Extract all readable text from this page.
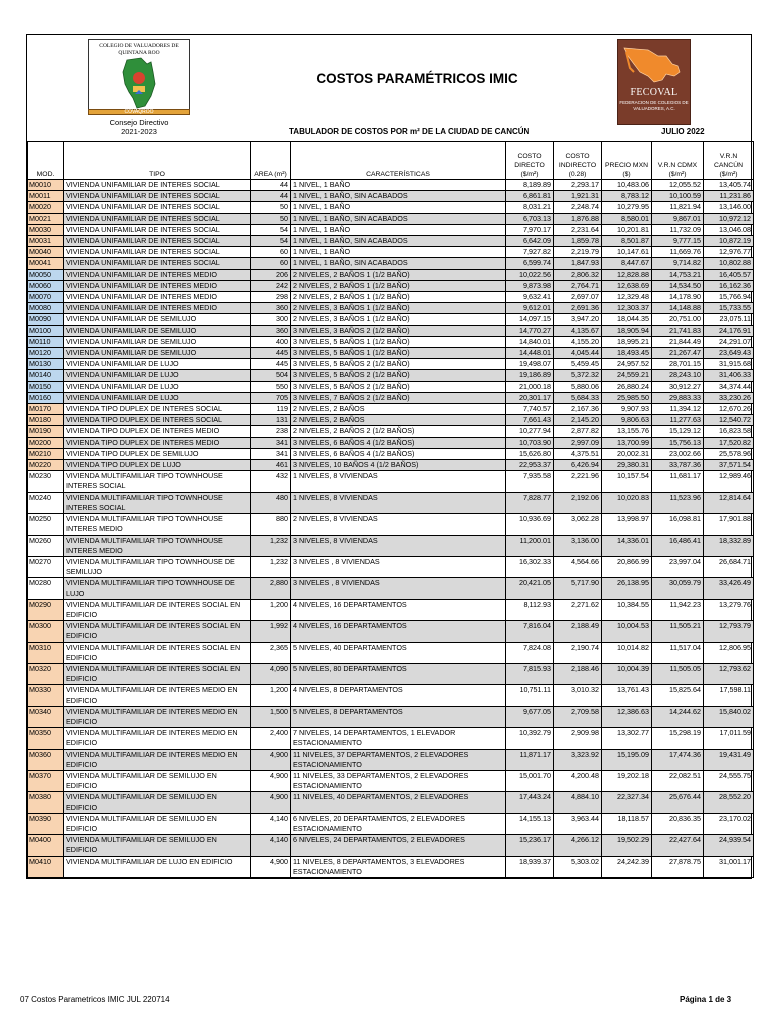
COLEGIO DE VALUADORES DE QUINTANA ROO
COVAQROO
Consejo Directivo
2021-2023
COSTOS PARAMÉTRICOS IMIC
FECOVAL
FEDERACION DE COLEGIOS DE VALUADORES, A.C.
TABULADOR DE COSTOS POR m² DE LA CIUDAD DE CANCÚN	JULIO 2022
MOD.	TIPO	AREA (m²)	CARACTERÍSTICAS	COSTO DIRECTO ($/m²)	COSTO INDIRECTO (0.28)	PRECIO MXN ($)	V.R.N CDMX ($/m²)	V.R.N CANCÚN ($/m²)
M0010	VIVIENDA UNIFAMILIAR DE INTERES SOCIAL	44	1 NIVEL, 1 BAÑO	8,189.89	2,293.17	10,483.06	12,055.52	13,405.74
M0011	VIVIENDA UNIFAMILIAR DE INTERES SOCIAL	44	1 NIVEL, 1 BAÑO, SIN ACABADOS	6,861.81	1,921.31	8,783.12	10,100.59	11,231.86
M0020	VIVIENDA UNIFAMILIAR DE INTERES SOCIAL	50	1 NIVEL, 1 BAÑO	8,031.21	2,248.74	10,279.95	11,821.94	13,146.00
M0021	VIVIENDA UNIFAMILIAR DE INTERES SOCIAL	50	1 NIVEL, 1 BAÑO, SIN ACABADOS	6,703.13	1,876.88	8,580.01	9,867.01	10,972.12
M0030	VIVIENDA UNIFAMILIAR DE INTERES SOCIAL	54	1 NIVEL, 1 BAÑO	7,970.17	2,231.64	10,201.81	11,732.09	13,046.08
M0031	VIVIENDA UNIFAMILIAR DE INTERES SOCIAL	54	1 NIVEL, 1 BAÑO, SIN ACABADOS	6,642.09	1,859.78	8,501.87	9,777.15	10,872.19
M0040	VIVIENDA UNIFAMILIAR DE INTERES SOCIAL	60	1 NIVEL, 1 BAÑO	7,927.82	2,219.79	10,147.61	11,669.76	12,976.77
M0041	VIVIENDA UNIFAMILIAR DE INTERES SOCIAL	60	1 NIVEL, 1 BAÑO, SIN ACABADOS	6,599.74	1,847.93	8,447.67	9,714.82	10,802.88
M0050	VIVIENDA UNIFAMILIAR DE INTERES MEDIO	206	2 NIVELES, 2 BAÑOS 1 (1/2 BAÑO)	10,022.56	2,806.32	12,828.88	14,753.21	16,405.57
M0060	VIVIENDA UNIFAMILIAR DE INTERES MEDIO	242	2 NIVELES, 2 BAÑOS 1 (1/2 BAÑO)	9,873.98	2,764.71	12,638.69	14,534.50	16,162.36
M0070	VIVIENDA UNIFAMILIAR DE INTERES MEDIO	298	2 NIVELES, 2 BAÑOS 1 (1/2 BAÑO)	9,632.41	2,697.07	12,329.48	14,178.90	15,766.94
M0080	VIVIENDA UNIFAMILIAR DE INTERES MEDIO	360	2 NIVELES, 3 BAÑOS 1 (1/2 BAÑO)	9,612.01	2,691.36	12,303.37	14,148.88	15,733.55
M0090	VIVIENDA UNIFAMILIAR DE SEMILUJO	300	2 NIVELES, 3 BAÑOS 1 (1/2 BAÑO)	14,097.15	3,947.20	18,044.35	20,751.00	23,075.11
M0100	VIVIENDA UNIFAMILIAR DE SEMILUJO	360	3 NIVELES, 3 BAÑOS 2 (1/2 BAÑO)	14,770.27	4,135.67	18,905.94	21,741.83	24,176.91
M0110	VIVIENDA UNIFAMILIAR DE SEMILUJO	400	3 NIVELES, 5 BAÑOS 1 (1/2 BAÑO)	14,840.01	4,155.20	18,995.21	21,844.49	24,291.07
M0120	VIVIENDA UNIFAMILIAR DE SEMILUJO	445	3 NIVELES, 5 BAÑOS 1 (1/2 BAÑO)	14,448.01	4,045.44	18,493.45	21,267.47	23,649.43
M0130	VIVIENDA UNIFAMILIAR DE LUJO	445	3 NIVELES, 5 BAÑOS 2 (1/2 BAÑO)	19,498.07	5,459.45	24,957.52	28,701.15	31,915.68
M0140	VIVIENDA UNIFAMILIAR DE LUJO	504	3 NIVELES, 5 BAÑOS 2 (1/2 BAÑO)	19,186.89	5,372.32	24,559.21	28,243.10	31,406.33
M0150	VIVIENDA UNIFAMILIAR DE LUJO	550	3 NIVELES, 5 BAÑOS 2 (1/2 BAÑO)	21,000.18	5,880.06	26,880.24	30,912.27	34,374.44
M0160	VIVIENDA UNIFAMILIAR DE LUJO	705	3 NIVELES, 7 BAÑOS 2 (1/2 BAÑO)	20,301.17	5,684.33	25,985.50	29,883.33	33,230.26
M0170	VIVIENDA TIPO DUPLEX DE INTERES SOCIAL	119	2 NIVELES, 2 BAÑOS	7,740.57	2,167.36	9,907.93	11,394.12	12,670.26
M0180	VIVIENDA TIPO DUPLEX DE INTERES SOCIAL	131	2 NIVELES, 2 BAÑOS	7,661.43	2,145.20	9,806.63	11,277.63	12,540.72
M0190	VIVIENDA TIPO DUPLEX DE INTERES MEDIO	238	2 NIVELES, 2 BAÑOS 2 (1/2 BAÑOS)	10,277.94	2,877.82	13,155.76	15,129.12	16,823.58
M0200	VIVIENDA TIPO DUPLEX DE INTERES MEDIO	341	3 NIVELES, 6 BAÑOS 4 (1/2 BAÑOS)	10,703.90	2,997.09	13,700.99	15,756.13	17,520.82
M0210	VIVIENDA TIPO DUPLEX DE SEMILUJO	341	3 NIVELES, 6 BAÑOS 4 (1/2 BAÑOS)	15,626.80	4,375.51	20,002.31	23,002.66	25,578.96
M0220	VIVIENDA TIPO DUPLEX DE LUJO	461	3 NIVELES, 10 BAÑOS 4 (1/2 BAÑOS)	22,953.37	6,426.94	29,380.31	33,787.36	37,571.54
M0230	VIVIENDA MULTIFAMILIAR TIPO TOWNHOUSE INTERES SOCIAL	432	1 NIVELES, 8 VIVIENDAS	7,935.58	2,221.96	10,157.54	11,681.17	12,989.46
M0240	VIVIENDA MULTIFAMILIAR TIPO TOWNHOUSE INTERES SOCIAL	480	1 NIVELES, 8 VIVIENDAS	7,828.77	2,192.06	10,020.83	11,523.96	12,814.64
M0250	VIVIENDA MULTIFAMILIAR TIPO TOWNHOUSE INTERES MEDIO	880	2 NIVELES, 8 VIVIENDAS	10,936.69	3,062.28	13,998.97	16,098.81	17,901.88
M0260	VIVIENDA MULTIFAMILIAR TIPO TOWNHOUSE INTERES MEDIO	1,232	3 NIVELES, 8 VIVIENDAS	11,200.01	3,136.00	14,336.01	16,486.41	18,332.89
M0270	VIVIENDA MULTIFAMILIAR TIPO TOWNHOUSE DE SEMILUJO	1,232	3 NIVELES , 8 VIVIENDAS	16,302.33	4,564.66	20,866.99	23,997.04	26,684.71
M0280	VIVIENDA MULTIFAMILIAR TIPO TOWNHOUSE DE LUJO	2,880	3 NIVELES , 8 VIVIENDAS	20,421.05	5,717.90	26,138.95	30,059.79	33,426.49
M0290	VIVIENDA MULTIFAMILIAR DE INTERES SOCIAL EN EDIFICIO	1,200	4 NIVELES, 16 DEPARTAMENTOS	8,112.93	2,271.62	10,384.55	11,942.23	13,279.76
M0300	VIVIENDA MULTIFAMILIAR DE INTERES SOCIAL EN EDIFICIO	1,992	4 NIVELES, 16 DEPARTAMENTOS	7,816.04	2,188.49	10,004.53	11,505.21	12,793.79
M0310	VIVIENDA MULTIFAMILIAR DE INTERES SOCIAL EN EDIFICIO	2,365	5 NIVELES, 40 DEPARTAMENTOS	7,824.08	2,190.74	10,014.82	11,517.04	12,806.95
M0320	VIVIENDA MULTIFAMILIAR DE INTERES SOCIAL EN EDIFICIO	4,090	5 NIVELES, 80 DEPARTAMENTOS	7,815.93	2,188.46	10,004.39	11,505.05	12,793.62
M0330	VIVIENDA MULTIFAMILIAR DE INTERES MEDIO EN EDIFICIO	1,200	4 NIVELES, 8 DEPARTAMENTOS	10,751.11	3,010.32	13,761.43	15,825.64	17,598.11
M0340	VIVIENDA MULTIFAMILIAR DE INTERES MEDIO EN EDIFICIO	1,500	5 NIVELES, 8 DEPARTAMENTOS	9,677.05	2,709.58	12,386.63	14,244.62	15,840.02
M0350	VIVIENDA MULTIFAMILIAR DE INTERES MEDIO EN EDIFICIO	2,400	7 NIVELES, 14 DEPARTAMENTOS, 1 ELEVADOR ESTACIONAMIENTO	10,392.79	2,909.98	13,302.77	15,298.19	17,011.59
M0360	VIVIENDA MULTIFAMILIAR DE INTERES MEDIO EN EDIFICIO	4,900	11 NIVELES, 37 DEPARTAMENTOS, 2 ELEVADORES ESTACIONAMIENTO	11,871.17	3,323.92	15,195.09	17,474.36	19,431.49
M0370	VIVIENDA MULTIFAMILIAR DE SEMILUJO EN EDIFICIO	4,900	11 NIVELES, 33 DEPARTAMENTOS, 2 ELEVADORES ESTACIONAMIENTO	15,001.70	4,200.48	19,202.18	22,082.51	24,555.75
M0380	VIVIENDA MULTIFAMILIAR DE SEMILUJO EN EDIFICIO	4,900	11 NIVELES, 40 DEPARTAMENTOS, 2 ELEVADORES	17,443.24	4,884.10	22,327.34	25,676.44	28,552.20
M0390	VIVIENDA MULTIFAMILIAR DE SEMILUJO EN EDIFICIO	4,140	6 NIVELES, 20 DEPARTAMENTOS, 2 ELEVADORES ESTACIONAMIENTO	14,155.13	3,963.44	18,118.57	20,836.35	23,170.02
M0400	VIVIENDA MULTIFAMILIAR DE SEMILUJO EN EDIFICIO	4,140	6 NIVELES, 24 DEPARTAMENTOS, 2 ELEVADORES	15,236.17	4,266.12	19,502.29	22,427.64	24,939.54
M0410	VIVIENDA MULTIFAMILIAR DE LUJO EN EDIFICIO	4,900	11 NIVELES, 8 DEPARTAMENTOS, 3 ELEVADORES ESTACIONAMIENTO	18,939.37	5,303.02	24,242.39	27,878.75	31,001.17
07 Costos Parametricos IMIC JUL 220714	Página 1 de 3
